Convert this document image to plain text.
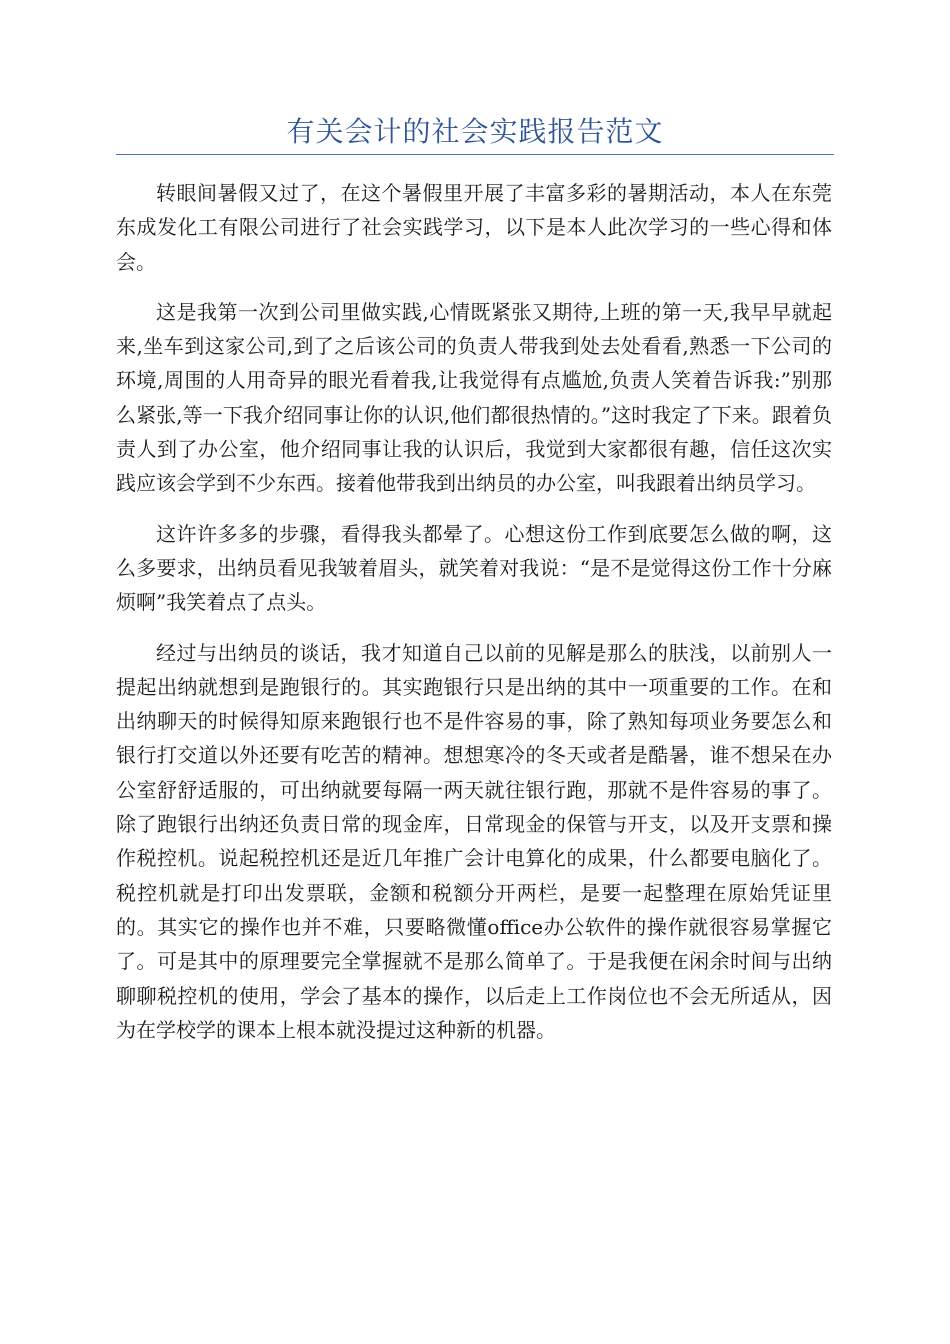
有关会计的社会实践报告范文

转眼间暑假又过了，在这个暑假里开展了丰富多彩的暑期活动，本人在东莞东成发化工有限公司进行了社会实践学习，以下是本人此次学习的一些心得和体会。

这是我第一次到公司里做实践,心情既紧张又期待,上班的第一天,我早早就起来,坐车到这家公司,到了之后该公司的负责人带我到处去处看看,熟悉一下公司的环境,周围的人用奇异的眼光看着我,让我觉得有点尴尬,负责人笑着告诉我:”别那么紧张,等一下我介绍同事让你的认识,他们都很热情的。”这时我定了下来。跟着负责人到了办公室，他介绍同事让我的认识后，我觉到大家都很有趣，信任这次实践应该会学到不少东西。接着他带我到出纳员的办公室，叫我跟着出纳员学习。

这许许多多的步骤，看得我头都晕了。心想这份工作到底要怎么做的啊，这么多要求，出纳员看见我皱着眉头，就笑着对我说：“是不是觉得这份工作十分麻烦啊”我笑着点了点头。

经过与出纳员的谈话，我才知道自己以前的见解是那么的肤浅，以前别人一提起出纳就想到是跑银行的。其实跑银行只是出纳的其中一项重要的工作。在和出纳聊天的时候得知原来跑银行也不是件容易的事，除了熟知每项业务要怎么和银行打交道以外还要有吃苦的精神。想想寒冷的冬天或者是酷暑，谁不想呆在办公室舒舒适服的，可出纳就要每隔一两天就往银行跑，那就不是件容易的事了。除了跑银行出纳还负责日常的现金库，日常现金的保管与开支，以及开支票和操作税控机。说起税控机还是近几年推广会计电算化的成果，什么都要电脑化了。税控机就是打印出发票联，金额和税额分开两栏，是要一起整理在原始凭证里的。其实它的操作也并不难，只要略微懂office办公软件的操作就很容易掌握它了。可是其中的原理要完全掌握就不是那么简单了。于是我便在闲余时间与出纳聊聊税控机的使用，学会了基本的操作，以后走上工作岗位也不会无所适从，因为在学校学的课本上根本就没提过这种新的机器。
